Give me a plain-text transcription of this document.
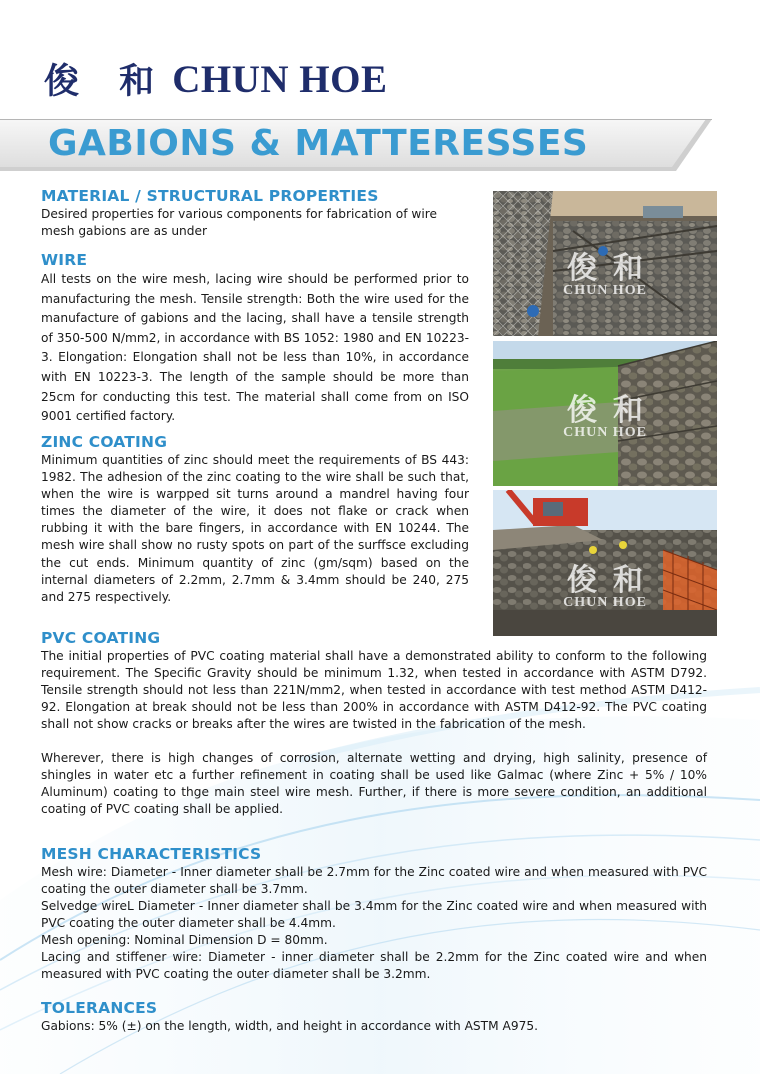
俊 和 CHUN HOE
GABIONS & MATTERESSES
MATERIAL / STRUCTURAL PROPERTIES

Desired properties for various components for fabrication of wire mesh gabions are as under

WIRE

All tests on the wire mesh, lacing wire should be performed prior to manufacturing the mesh. Tensile strength: Both the wire used for the manufacture of gabions and the lacing, shall have a tensile strength of 350-500 N/mm2, in accordance with BS 1052: 1980 and EN 10223-3. Elongation: Elongation shall not be less than 10%, in accordance with EN 10223-3. The length of the sample should be more than 25cm for conducting this test. The material shall come from on ISO 9001 certified factory.

ZINC COATING

Minimum quantities of zinc should meet the requirements of BS 443: 1982. The adhesion of the zinc coating to the wire shall be such that, when the wire is warpped sit turns around a mandrel having four times the diameter of the wire, it does not flake or crack when rubbing it with the bare fingers, in accordance with EN 10244. The mesh wire shall show no rusty spots on part of the surffsce excluding the cut ends. Minimum quantity of zinc (gm/sqm) based on the internal diameters of 2.2mm, 2.7mm & 3.4mm should be 240, 275 and 275 respectively.

俊和
CHUN HOE
俊和
CHUN HOE
俊和
CHUN HOE
PVC COATING

The initial properties of PVC coating material shall have a demonstrated ability to conform to the following requirement. The Specific Gravity should be minimum 1.32, when tested in accordance with ASTM D792. Tensile strength should not less than 221N/mm2, when tested in accordance with test method ASTM D412-92. Elongation at break should not be less than 200% in accordance with ASTM D412-92. The PVC coating shall not show cracks or breaks after the wires are twisted in the fabrication of the mesh.

Wherever, there is high changes of corrosion, alternate wetting and drying, high salinity, presence of shingles in water etc a further refinement in coating shall be used like Galmac (where Zinc + 5% / 10% Aluminum) coating to thge main steel wire mesh. Further, if there is more severe condition, an additional coating of PVC coating shall be applied.

MESH CHARACTERISTICS

Mesh wire: Diameter - Inner diameter shall be 2.7mm for the Zinc coated wire and when measured with PVC coating the outer diameter shall be 3.7mm.

Selvedge wireL Diameter - Inner diameter shall be 3.4mm for the Zinc coated wire and when measured with PVC coating the outer diameter shall be 4.4mm.

Mesh opening: Nominal Dimension D = 80mm.

Lacing and stiffener wire: Diameter - inner diameter shall be 2.2mm for the Zinc coated wire and when measured with PVC coating the outer diameter shall be 3.2mm.

TOLERANCES

Gabions: 5% (±) on the length, width, and height in accordance with ASTM A975.
